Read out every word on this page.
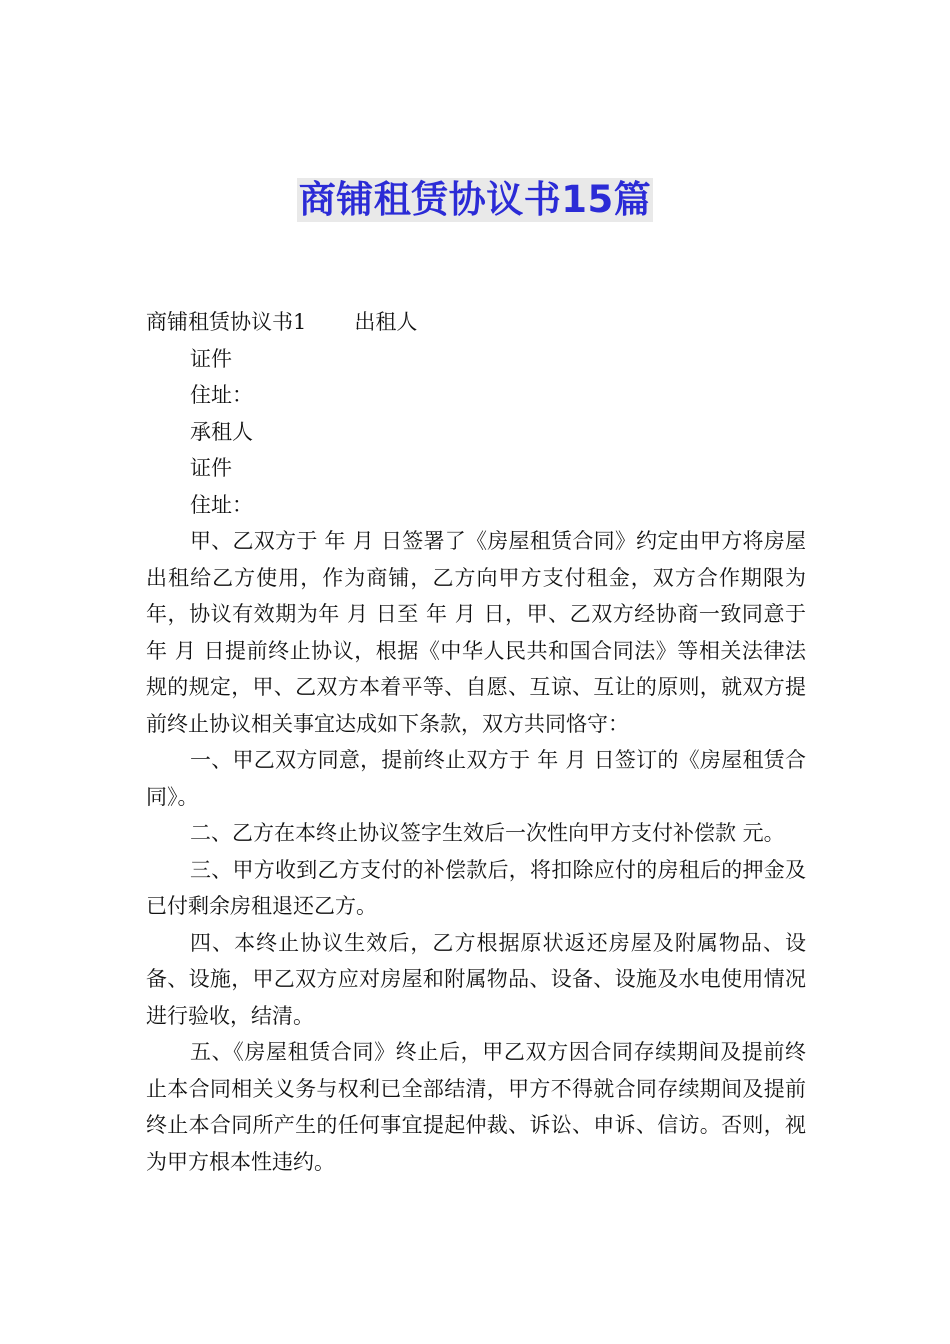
商铺租赁协议书15篇

商铺租赁协议书1 出租人

证件

住址：

承租人

证件

住址：

甲、乙双方于 年 月 日签署了《房屋租赁合同》约定由甲方将房屋出租给乙方使用，作为商铺，乙方向甲方支付租金，双方合作期限为年，协议有效期为年 月 日至 年 月 日，甲、乙双方经协商一致同意于 年 月 日提前终止协议，根据《中华人民共和国合同法》等相关法律法规的规定，甲、乙双方本着平等、自愿、互谅、互让的原则，就双方提前终止协议相关事宜达成如下条款，双方共同恪守：

一、甲乙双方同意，提前终止双方于 年 月 日签订的《房屋租赁合同》。

二、乙方在本终止协议签字生效后一次性向甲方支付补偿款 元。

三、甲方收到乙方支付的补偿款后，将扣除应付的房租后的押金及已付剩余房租退还乙方。

四、本终止协议生效后，乙方根据原状返还房屋及附属物品、设备、设施，甲乙双方应对房屋和附属物品、设备、设施及水电使用情况进行验收，结清。

五、《房屋租赁合同》终止后，甲乙双方因合同存续期间及提前终止本合同相关义务与权利已全部结清，甲方不得就合同存续期间及提前终止本合同所产生的任何事宜提起仲裁、诉讼、申诉、信访。否则，视为甲方根本性违约。
